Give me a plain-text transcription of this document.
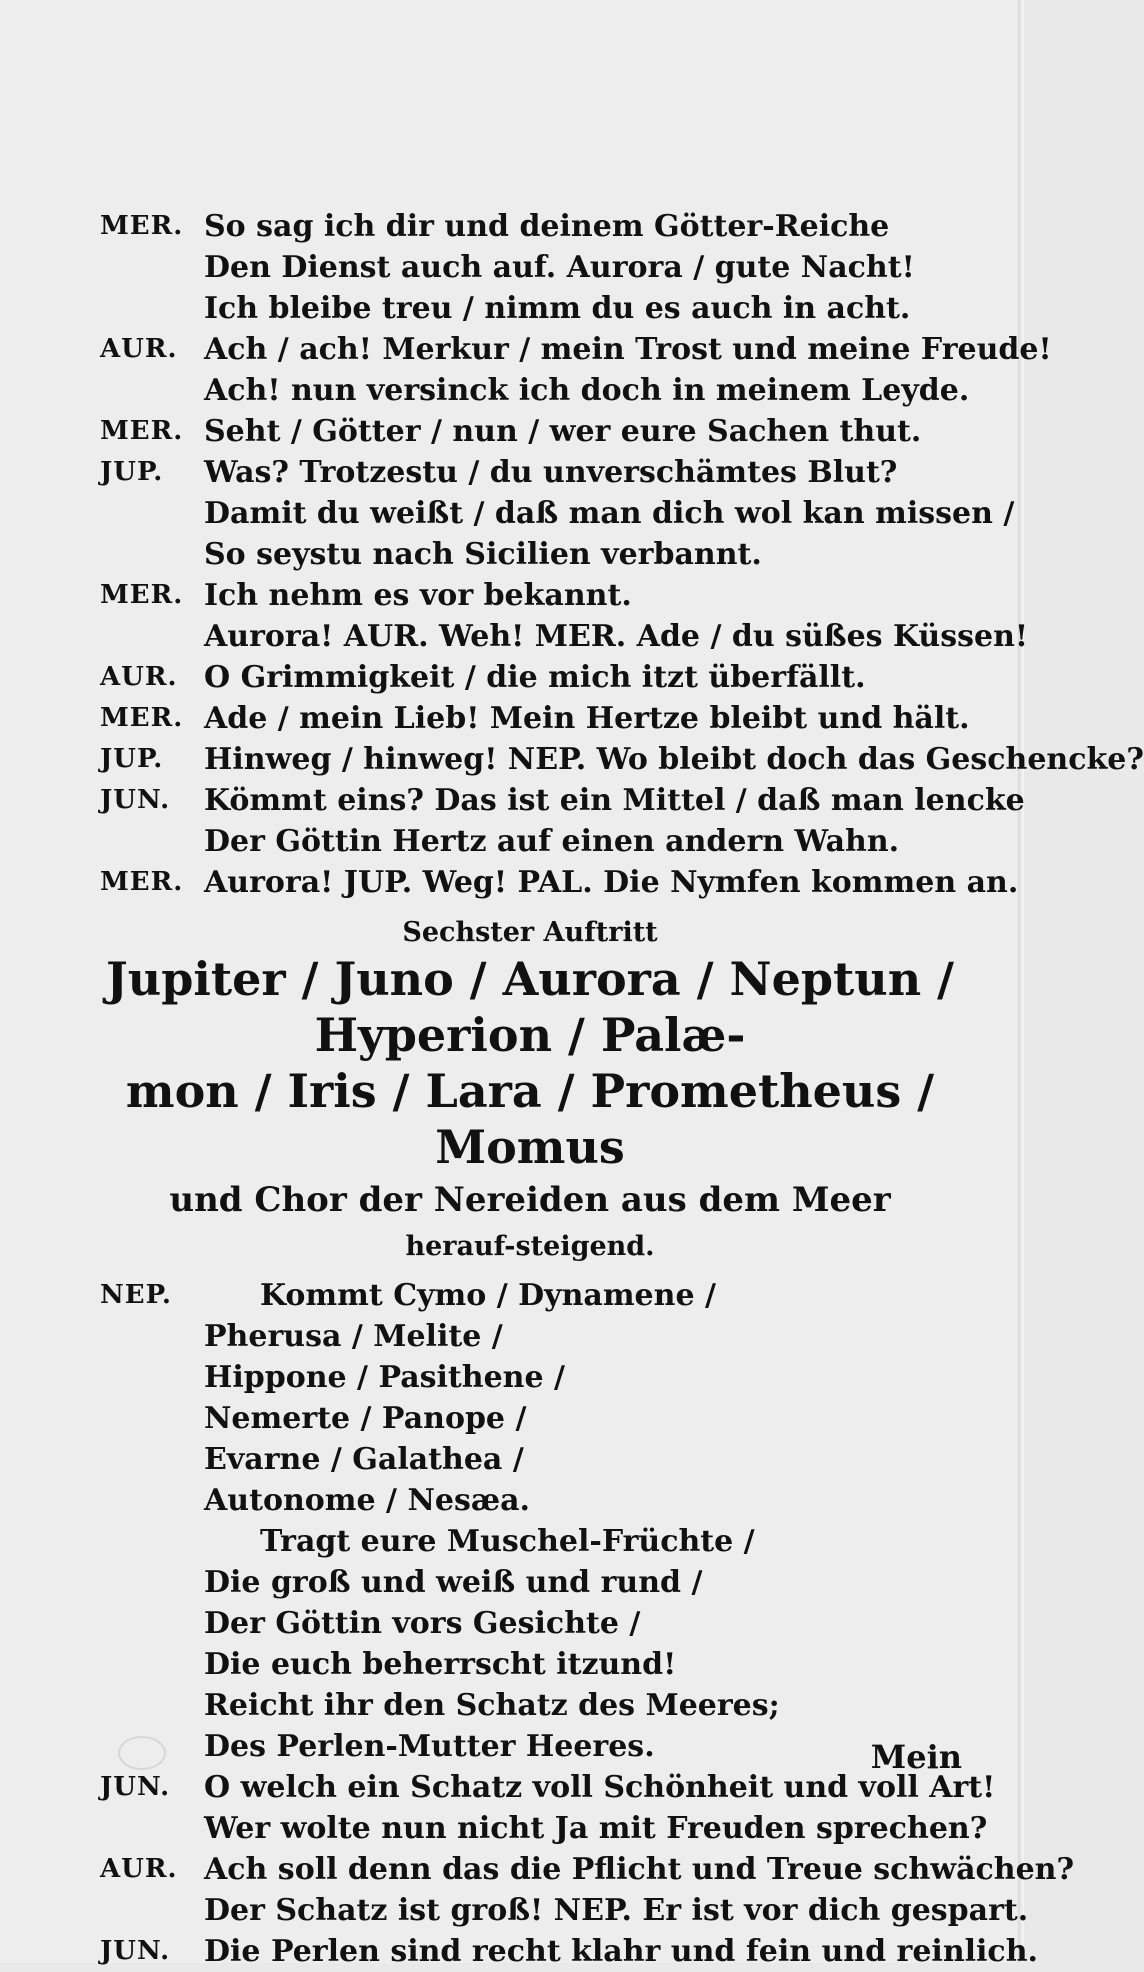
MER. So sag ich dir und deinem Götter-Reiche
Den Dienst auch auf. Aurora / gute Nacht!
Ich bleibe treu / nimm du es auch in acht.
AUR. Ach / ach! Merkur / mein Trost und meine Freude!
Ach! nun versinck ich doch in meinem Leyde.
MER. Seht / Götter / nun / wer eure Sachen thut.
JUP.	Was? Trotzestu / du unverschämtes Blut?
Damit du weißt / daß man dich wol kan missen /
So seystu nach Sicilien verbannt.
MER. Ich nehm es vor bekannt.
Aurora! AUR. Weh! MER. Ade / du süßes Küssen!
AUR. O Grimmigkeit / die mich itzt überfällt.
MER. Ade / mein Lieb! Mein Hertze bleibt und hält.
JUP.	Hinweg / hinweg! NEP. Wo bleibt doch das Geschencke?
JUN.	Kömmt eins? Das ist ein Mittel / daß man lencke
Der Göttin Hertz auf einen andern Wahn.
MER. Aurora! JUP. Weg! PAL. Die Nymfen kommen an.
Sechster Auftritt
Jupiter / Juno / Aurora / Neptun / Hyperion / Palæ-
mon / Iris / Lara / Prometheus / Momus
und Chor der Nereiden aus dem Meer
herauf-steigend.
NEP.	Kommt Cymo / Dynamene /
Pherusa / Melite /
Hippone / Pasithene /
Nemerte / Panope /
Evarne / Galathea /
Autonome / Nesæa.
Tragt eure Muschel-Früchte /
Die groß und weiß und rund /
Der Göttin vors Gesichte /
Die euch beherrscht itzund!
Reicht ihr den Schatz des Meeres;
Des Perlen-Mutter Heeres.
JUN.	O welch ein Schatz voll Schönheit und voll Art!
Wer wolte nun nicht Ja mit Freuden sprechen?
AUR. Ach soll denn das die Pflicht und Treue schwächen?
Der Schatz ist groß! NEP. Er ist vor dich gespart.
JUN.	Die Perlen sind recht klahr und fein und reinlich.
Mein
